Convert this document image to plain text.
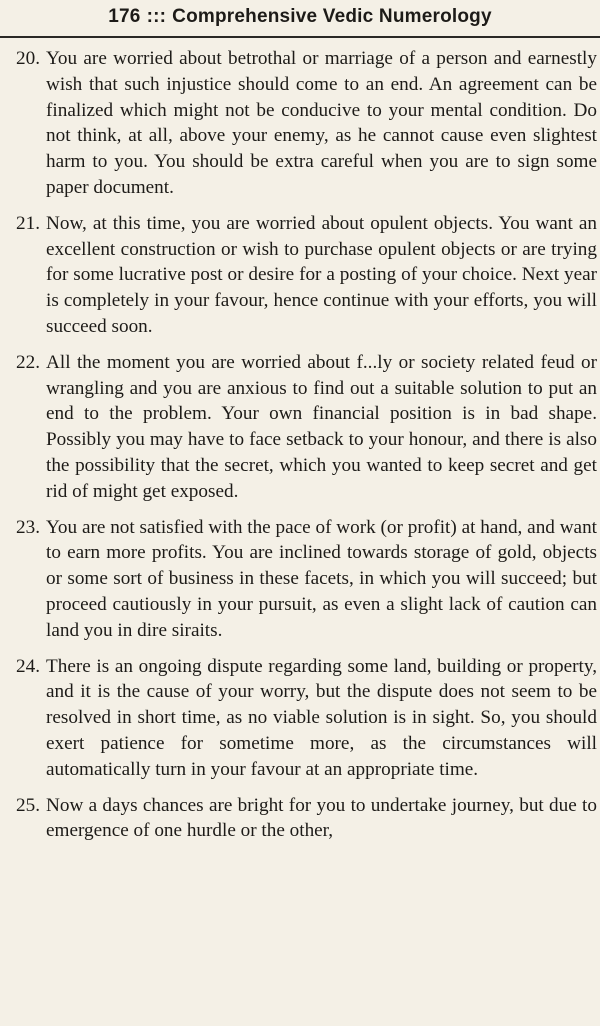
176 ::: Comprehensive Vedic Numerology
20. You are worried about betrothal or marriage of a person and earnestly wish that such injustice should come to an end. An agreement can be finalized which might not be conducive to your mental condition. Do not think, at all, above your enemy, as he cannot cause even slightest harm to you. You should be extra careful when you are to sign some paper document.
21. Now, at this time, you are worried about opulent objects. You want an excellent construction or wish to purchase opulent objects or are trying for some lucrative post or desire for a posting of your choice. Next year is completely in your favour, hence continue with your efforts, you will succeed soon.
22. All the moment you are worried about f...ly or society related feud or wrangling and you are anxious to find out a suitable solution to put an end to the problem. Your own financial position is in bad shape. Possibly you may have to face setback to your honour, and there is also the possibility that the secret, which you wanted to keep secret and get rid of might get exposed.
23. You are not satisfied with the pace of work (or profit) at hand, and want to earn more profits. You are inclined towards storage of gold, objects or some sort of business in these facets, in which you will succeed; but proceed cautiously in your pursuit, as even a slight lack of caution can land you in dire siraits.
24. There is an ongoing dispute regarding some land, building or property, and it is the cause of your worry, but the dispute does not seem to be resolved in short time, as no viable solution is in sight. So, you should exert patience for sometime more, as the circumstances will automatically turn in your favour at an appropriate time.
25. Now a days chances are bright for you to undertake journey, but due to emergence of one hurdle or the other,
